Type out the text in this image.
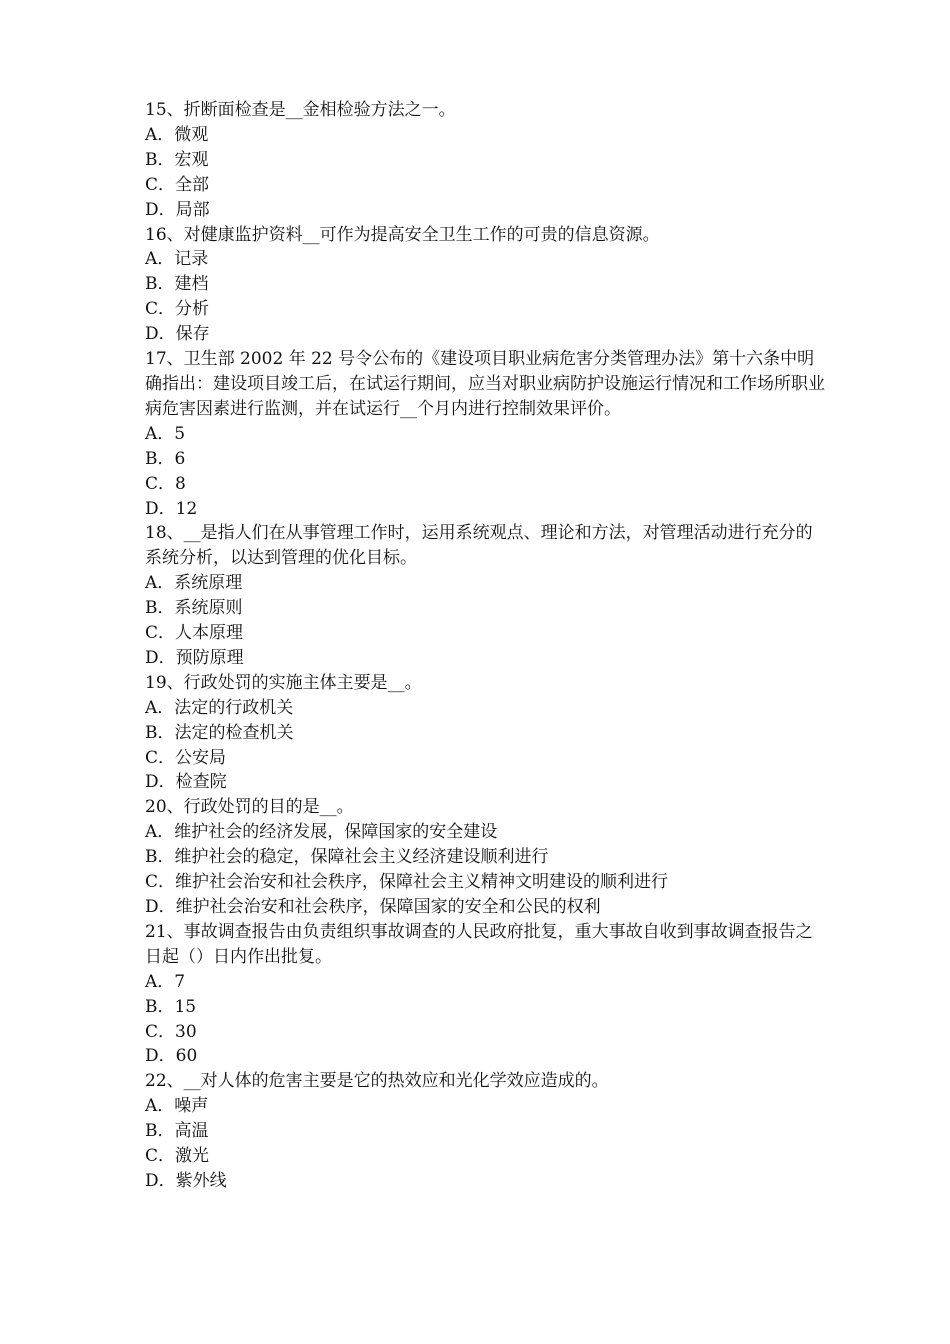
15、折断面检查是__金相检验方法之一。

A．微观
B．宏观
C．全部
D．局部

16、对健康监护资料__可作为提高安全卫生工作的可贵的信息资源。

A．记录
B．建档
C．分析
D．保存

17、卫生部 2002 年 22 号令公布的《建设项目职业病危害分类管理办法》第十六条中明确指出：建设项目竣工后，在试运行期间，应当对职业病防护设施运行情况和工作场所职业病危害因素进行监测，并在试运行__个月内进行控制效果评价。

A．5
B．6
C．8
D．12

18、__是指人们在从事管理工作时，运用系统观点、理论和方法，对管理活动进行充分的系统分析，以达到管理的优化目标。

A．系统原理
B．系统原则
C．人本原理
D．预防原理

19、行政处罚的实施主体主要是__。

A．法定的行政机关
B．法定的检查机关
C．公安局
D．检查院

20、行政处罚的目的是__。

A．维护社会的经济发展，保障国家的安全建设
B．维护社会的稳定，保障社会主义经济建设顺利进行
C．维护社会治安和社会秩序，保障社会主义精神文明建设的顺利进行
D．维护社会治安和社会秩序，保障国家的安全和公民的权利

21、事故调查报告由负责组织事故调查的人民政府批复，重大事故自收到事故调查报告之日起（）日内作出批复。

A．7
B．15
C．30
D．60

22、__对人体的危害主要是它的热效应和光化学效应造成的。

A．噪声
B．高温
C．激光
D．紫外线
